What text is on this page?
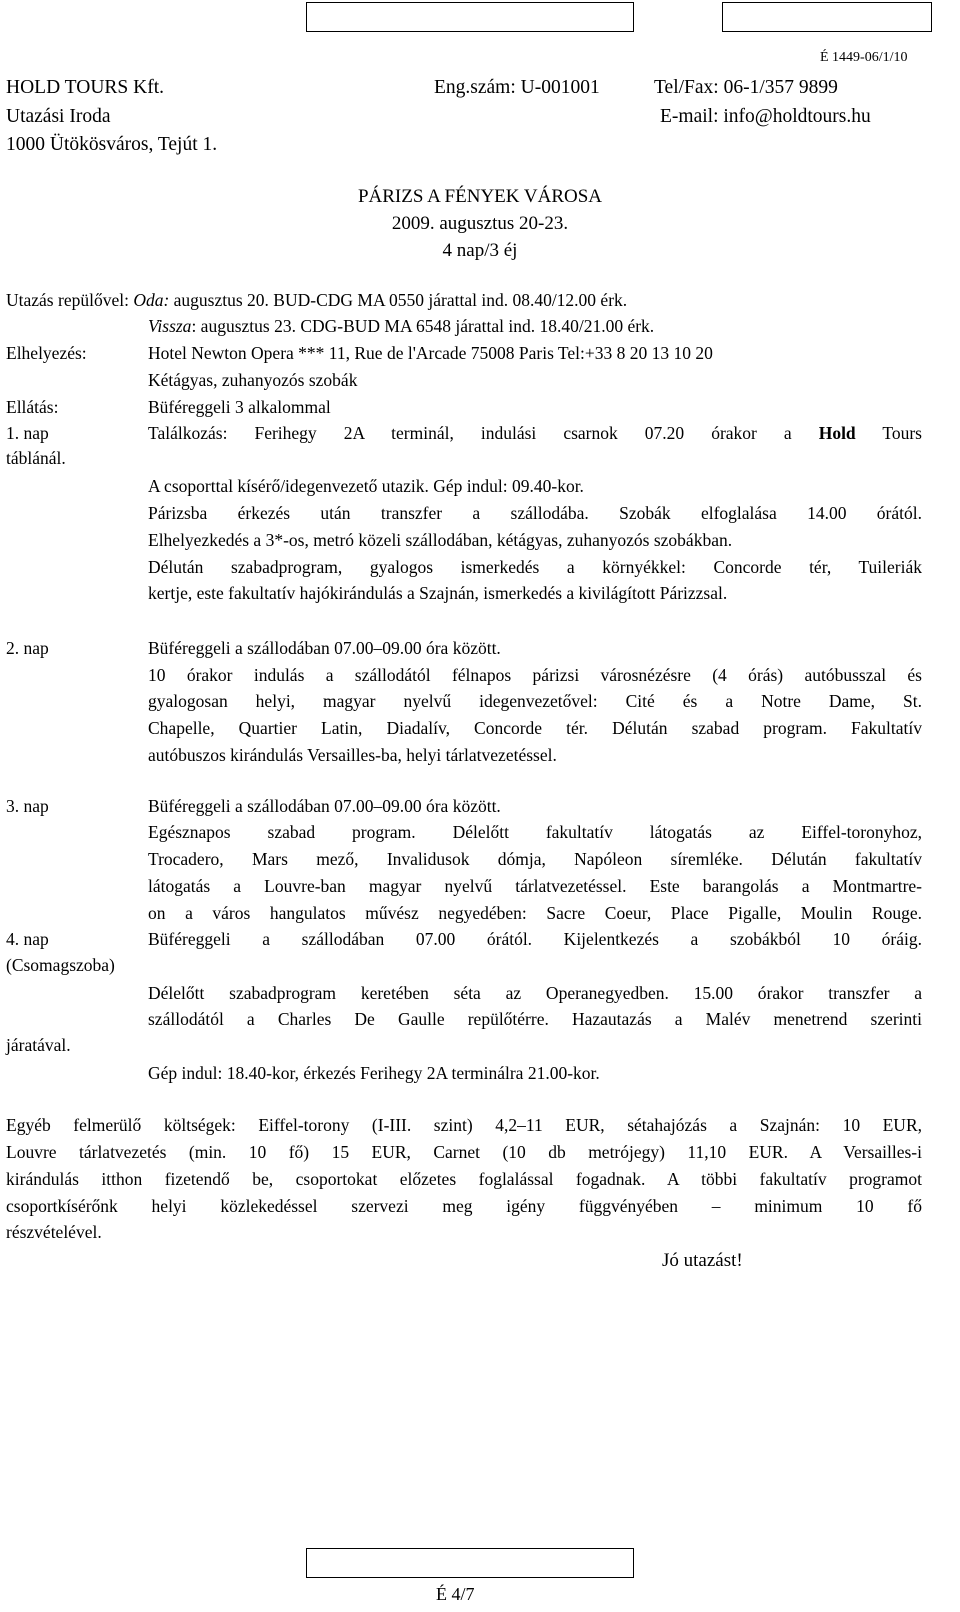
É 1449-06/1/10
HOLD TOURS Kft.	Eng.szám: U-001001	Tel/Fax: 06-1/357 9899
Utazási Iroda	E-mail: info@holdtours.hu
1000 Ütökösváros, Tejút 1.
PÁRIZS A FÉNYEK VÁROSA
2009. augusztus 20-23.
4 nap/3 éj
Utazás repülővel: Oda: augusztus 20. BUD-CDG MA 0550 járattal ind. 08.40/12.00 érk.
Vissza: augusztus 23. CDG-BUD MA 6548 járattal ind. 18.40/21.00 érk.
Elhelyezés:	Hotel Newton Opera *** 11, Rue de l'Arcade 75008 Paris Tel:+33 8 20 13 10 20
Kétágyas, zuhanyozós szobák
Ellátás:	Büféreggeli 3 alkalommal
1. nap	Találkozás: Ferihegy 2A terminál, indulási csarnok 07.20 órakor a Hold Tours
táblánál.
A csoporttal kísérő/idegenvezető utazik. Gép indul: 09.40-kor.
Párizsba érkezés után transzfer a szállodába. Szobák elfoglalása 14.00 órától.
Elhelyezkedés a 3*-os, metró közeli szállodában, kétágyas, zuhanyozós szobákban.
Délután szabadprogram, gyalogos ismerkedés a környékkel: Concorde tér, Tuileriák
kertje, este fakultatív hajókirándulás a Szajnán, ismerkedés a kivilágított Párizzsal.
2. nap	Büféreggeli a szállodában 07.00–09.00 óra között.
10 órakor indulás a szállodától félnapos párizsi városnézésre (4 órás) autóbusszal és
gyalogosan helyi, magyar nyelvű idegenvezetővel: Cité és a Notre Dame, St.
Chapelle, Quartier Latin, Diadalív, Concorde tér. Délután szabad program. Fakultatív
autóbuszos kirándulás Versailles-ba, helyi tárlatvezetéssel.
3. nap	Büféreggeli a szállodában 07.00–09.00 óra között.
Egésznapos szabad program. Délelőtt fakultatív látogatás az Eiffel-toronyhoz,
Trocadero, Mars mező, Invalidusok dómja, Napóleon síremléke. Délután fakultatív
látogatás a Louvre-ban magyar nyelvű tárlatvezetéssel. Este barangolás a Montmartre-
on a város hangulatos művész negyedében: Sacre Coeur, Place Pigalle, Moulin Rouge.
4. nap	Büféreggeli a szállodában 07.00 órától. Kijelentkezés a szobákból 10 óráig.
(Csomagszoba)
Délelőtt szabadprogram keretében séta az Operanegyedben. 15.00 órakor transzfer a
szállodától a Charles De Gaulle repülőtérre. Hazautazás a Malév menetrend szerinti
járatával.
Gép indul: 18.40-kor, érkezés Ferihegy 2A terminálra 21.00-kor.
Egyéb felmerülő költségek: Eiffel-torony (I-III. szint) 4,2–11 EUR, sétahajózás a Szajnán: 10 EUR,
Louvre tárlatvezetés (min. 10 fő) 15 EUR, Carnet (10 db metrójegy) 11,10 EUR. A Versailles-i
kirándulás itthon fizetendő be, csoportokat előzetes foglalással fogadnak. A többi fakultatív programot
csoportkísérőnk helyi közlekedéssel szervezi meg igény függvényében – minimum 10 fő
részvételével.
Jó utazást!
É 4/7
